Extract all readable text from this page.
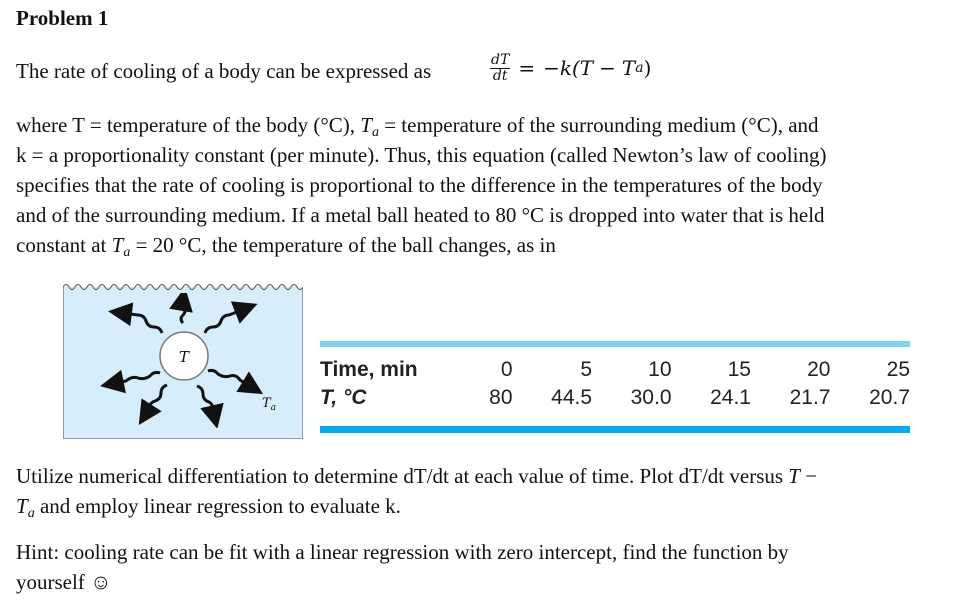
Problem 1
The rate of cooling of a body can be expressed as	$\frac{dT}{dt} = -k(T - T$ a )
where T = temperature of the body (°C), $T_a$ = temperature of the surrounding medium (°C), and
k = a proportionality constant (per minute). Thus, this equation (called Newton’s law of cooling)
specifies that the rate of cooling is proportional to the difference in the temperatures of the body
and of the surrounding medium. If a metal ball heated to 80 °C is dropped into water that is held
constant at $T_a = 20$ °C, the temperature of the ball changes, as in
T
$T_a$
Time, min	0	5	10	15	20	25
T, °C	80	44.5	30.0	24.1	21.7	20.7
Utilize numerical differentiation to determine dT/dt at each value of time. Plot dT/dt versus T −
$T_a$ and employ linear regression to evaluate k.
Hint: cooling rate can be fit with a linear regression with zero intercept, find the function by
yourself ☺
